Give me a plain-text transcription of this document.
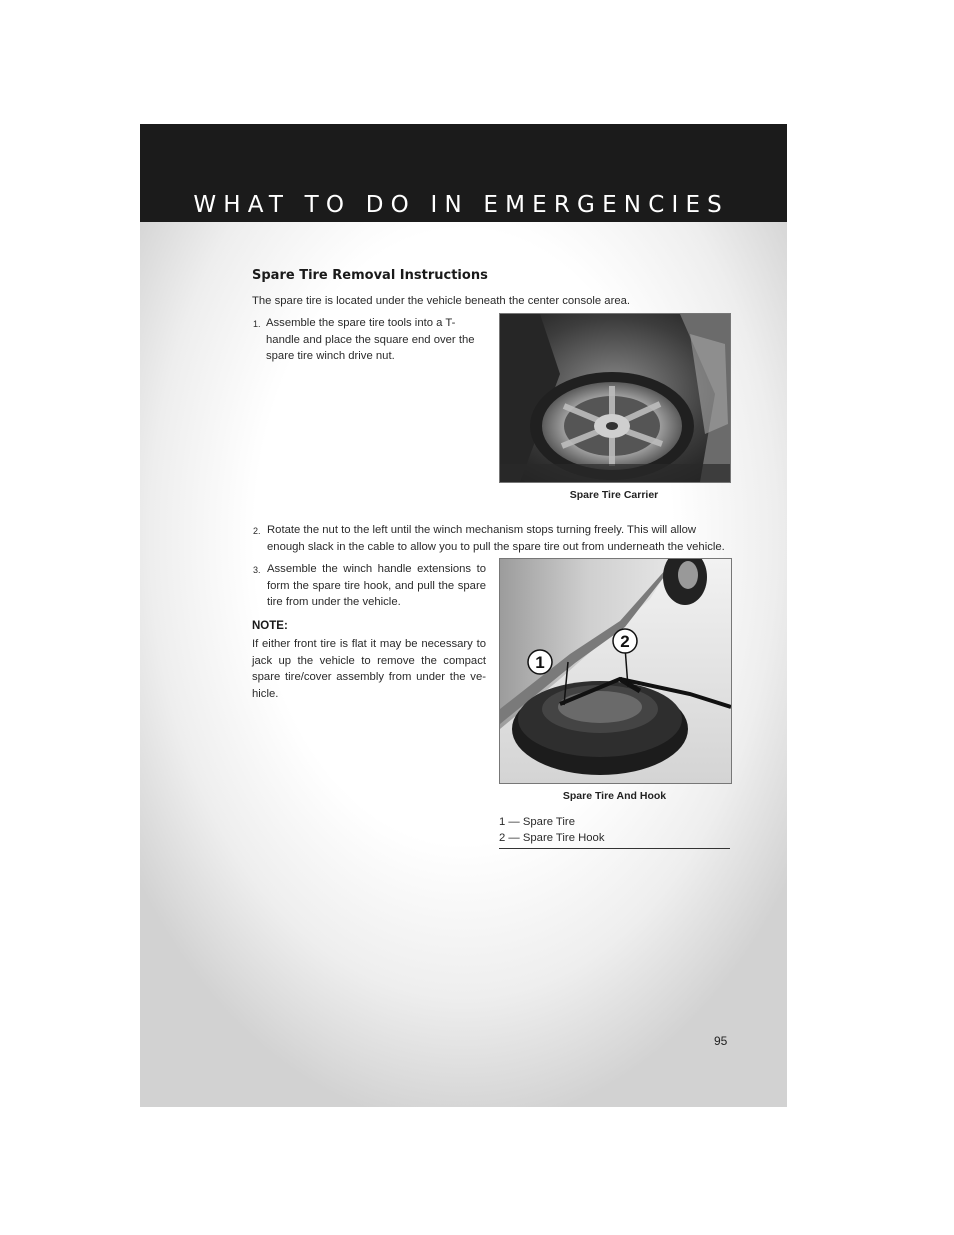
WHAT TO DO IN EMERGENCIES
Spare Tire Removal Instructions
The spare tire is located under the vehicle beneath the center console area.
1. Assemble the spare tire tools into a T-handle and place the square end over the spare tire winch drive nut.
Spare Tire Carrier
2. Rotate the nut to the left until the winch mechanism stops turning freely. This will allow enough slack in the cable to allow you to pull the spare tire out from underneath the vehicle.
3. Assemble the winch handle extensions to form the spare tire hook, and pull the spare tire from under the vehicle.
NOTE:
If either front tire is flat it may be necessary to jack up the vehicle to remove the compact spare tire/cover assembly from under the ve-hicle.
1
2
Spare Tire And Hook
1 — Spare Tire
2 — Spare Tire Hook
95
